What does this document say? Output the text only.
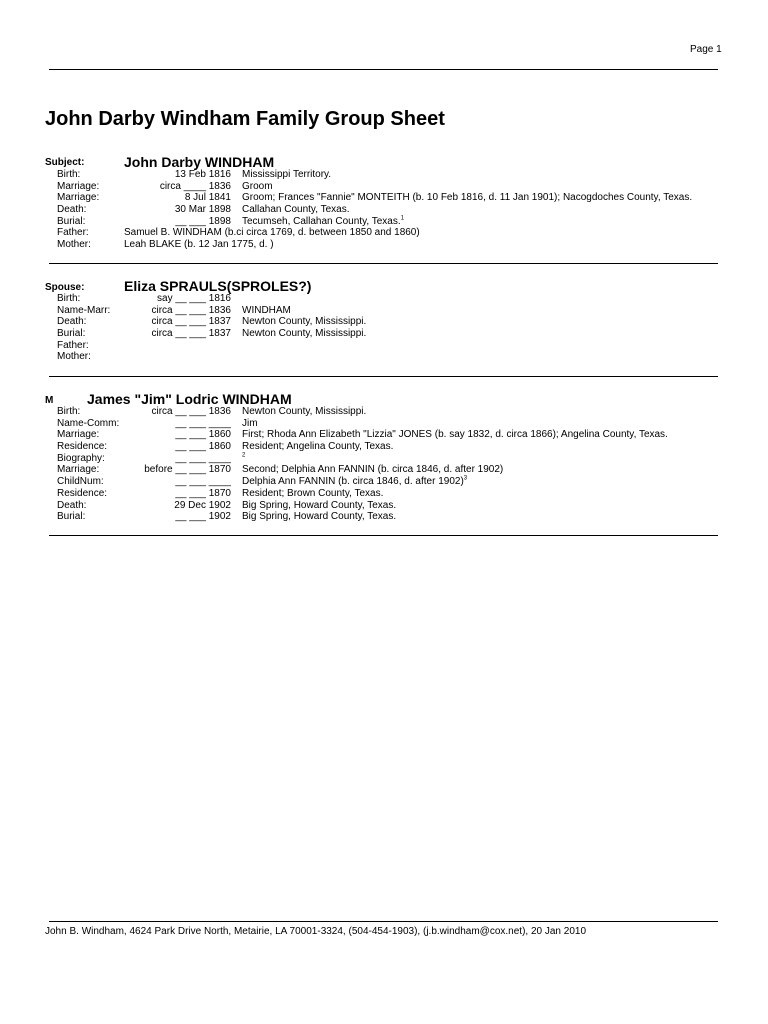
Page 1
John Darby Windham Family Group Sheet
Subject:	John Darby WINDHAM
Birth:	13 Feb 1816 Mississippi Territory.
Marriage:	circa ____ 1836 Groom
Marriage:	8 Jul 1841 Groom; Frances "Fannie" MONTEITH (b. 10 Feb 1816, d. 11 Jan 1901); Nacogdoches County, Texas.
Death:	30 Mar 1898 Callahan County, Texas.
Burial:	__ ___ 1898 Tecumseh, Callahan County, Texas.$^1$
Father:	Samuel B. WINDHAM (b.ci circa 1769, d. between 1850 and 1860)
Mother:	Leah BLAKE (b. 12 Jan 1775, d. )
Spouse:	Eliza SPRAULS(SPROLES?)
Birth:	say __ ___ 1816
Name-Marr:	circa __ ___ 1836 WINDHAM
Death:	circa __ ___ 1837 Newton County, Mississippi.
Burial:	circa __ ___ 1837 Newton County, Mississippi.
Father:
Mother:
M James "Jim" Lodric WINDHAM
Birth:	circa __ ___ 1836 Newton County, Mississippi.
Name-Comm:	__ ___ ____ Jim
Marriage:	__ ___ 1860 First; Rhoda Ann Elizabeth "Lizzia" JONES (b. say 1832, d. circa 1866); Angelina County, Texas.
Residence:	__ ___ 1860 Resident; Angelina County, Texas.
Biography:	__ ___ ____ $^2$
Marriage:	before __ ___ 1870 Second; Delphia Ann FANNIN (b. circa 1846, d. after 1902)
ChildNum:	__ ___ ____ Delphia Ann FANNIN (b. circa 1846, d. after 1902)$^3$
Residence:	__ ___ 1870 Resident; Brown County, Texas.
Death:	29 Dec 1902 Big Spring, Howard County, Texas.
Burial:	__ ___ 1902 Big Spring, Howard County, Texas.
John B. Windham, 4624 Park Drive North, Metairie, LA 70001-3324, (504-454-1903), (j.b.windham@cox.net), 20 Jan 2010
